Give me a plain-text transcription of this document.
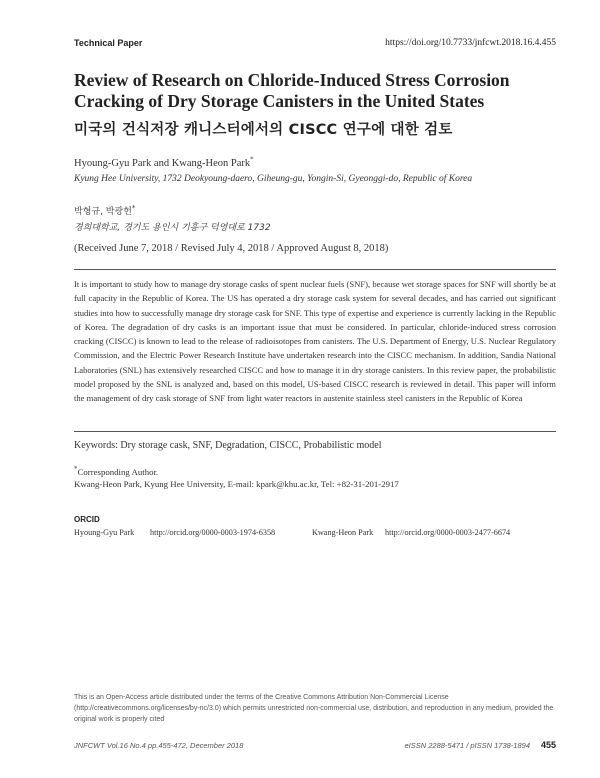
Technical Paper	https://doi.org/10.7733/jnfcwt.2018.16.4.455
Review of Research on Chloride-Induced Stress Corrosion Cracking of Dry Storage Canisters in the United States
미국의 건식저장 캐니스터에서의 CISCC 연구에 대한 검토
Hyoung-Gyu Park and Kwang-Heon Park*
Kyung Hee University, 1732 Deokyoung-daero, Giheung-gu, Yongin-Si, Gyeonggi-do, Republic of Korea
박형규, 박광헌*
경희대학교, 경기도 용인시 기흥구 덕영대로 1732
(Received June 7, 2018 / Revised July 4, 2018 / Approved August 8, 2018)

It is important to study how to manage dry storage casks of spent nuclear fuels (SNF), because wet storage spaces for SNF will shortly be at full capacity in the Republic of Korea. The US has operated a dry storage cask system for several decades, and has carried out significant studies into how to successfully manage dry storage cask for SNF. This type of expertise and experience is currently lacking in the Republic of Korea. The degradation of dry casks is an important issue that must be considered. In particular, chloride-induced stress corrosion cracking (CISCC) is known to lead to the release of radioisotopes from canisters. The U.S. Department of Energy, U.S. Nuclear Regulatory Commission, and the Electric Power Research Institute have undertaken research into the CISCC mechanism. In addition, Sandia National Laboratories (SNL) has extensively researched CISCC and how to manage it in dry storage canisters. In this review paper, the probabilistic model proposed by the SNL is analyzed and, based on this model, US-based CISCC research is reviewed in detail. This paper will inform the management of dry cask storage of SNF from light water reactors in austenite stainless steel canisters in the Republic of Korea

Keywords: Dry storage cask, SNF, Degradation, CISCC, Probabilistic model
*Corresponding Author.
Kwang-Heon Park, Kyung Hee University, E-mail: kpark@khu.ac.kr, Tel: +82-31-201-2917
ORCID
Hyoung-Gyu Park http://orcid.org/0000-0003-1974-6358	Kwang-Heon Park http://orcid.org/0000-0003-2477-6674
This is an Open-Access article distributed under the terms of the Creative Commons Attribution Non-Commercial License (http://creativecommons.org/licenses/by-nc/3.0) which permits unrestricted non-commercial use, distribution, and reproduction in any medium, provided the original work is properly cited
JNFCWT Vol.16 No.4 pp.455-472, December 2018	eISSN 2288-5471 / pISSN 1738-1894 455
